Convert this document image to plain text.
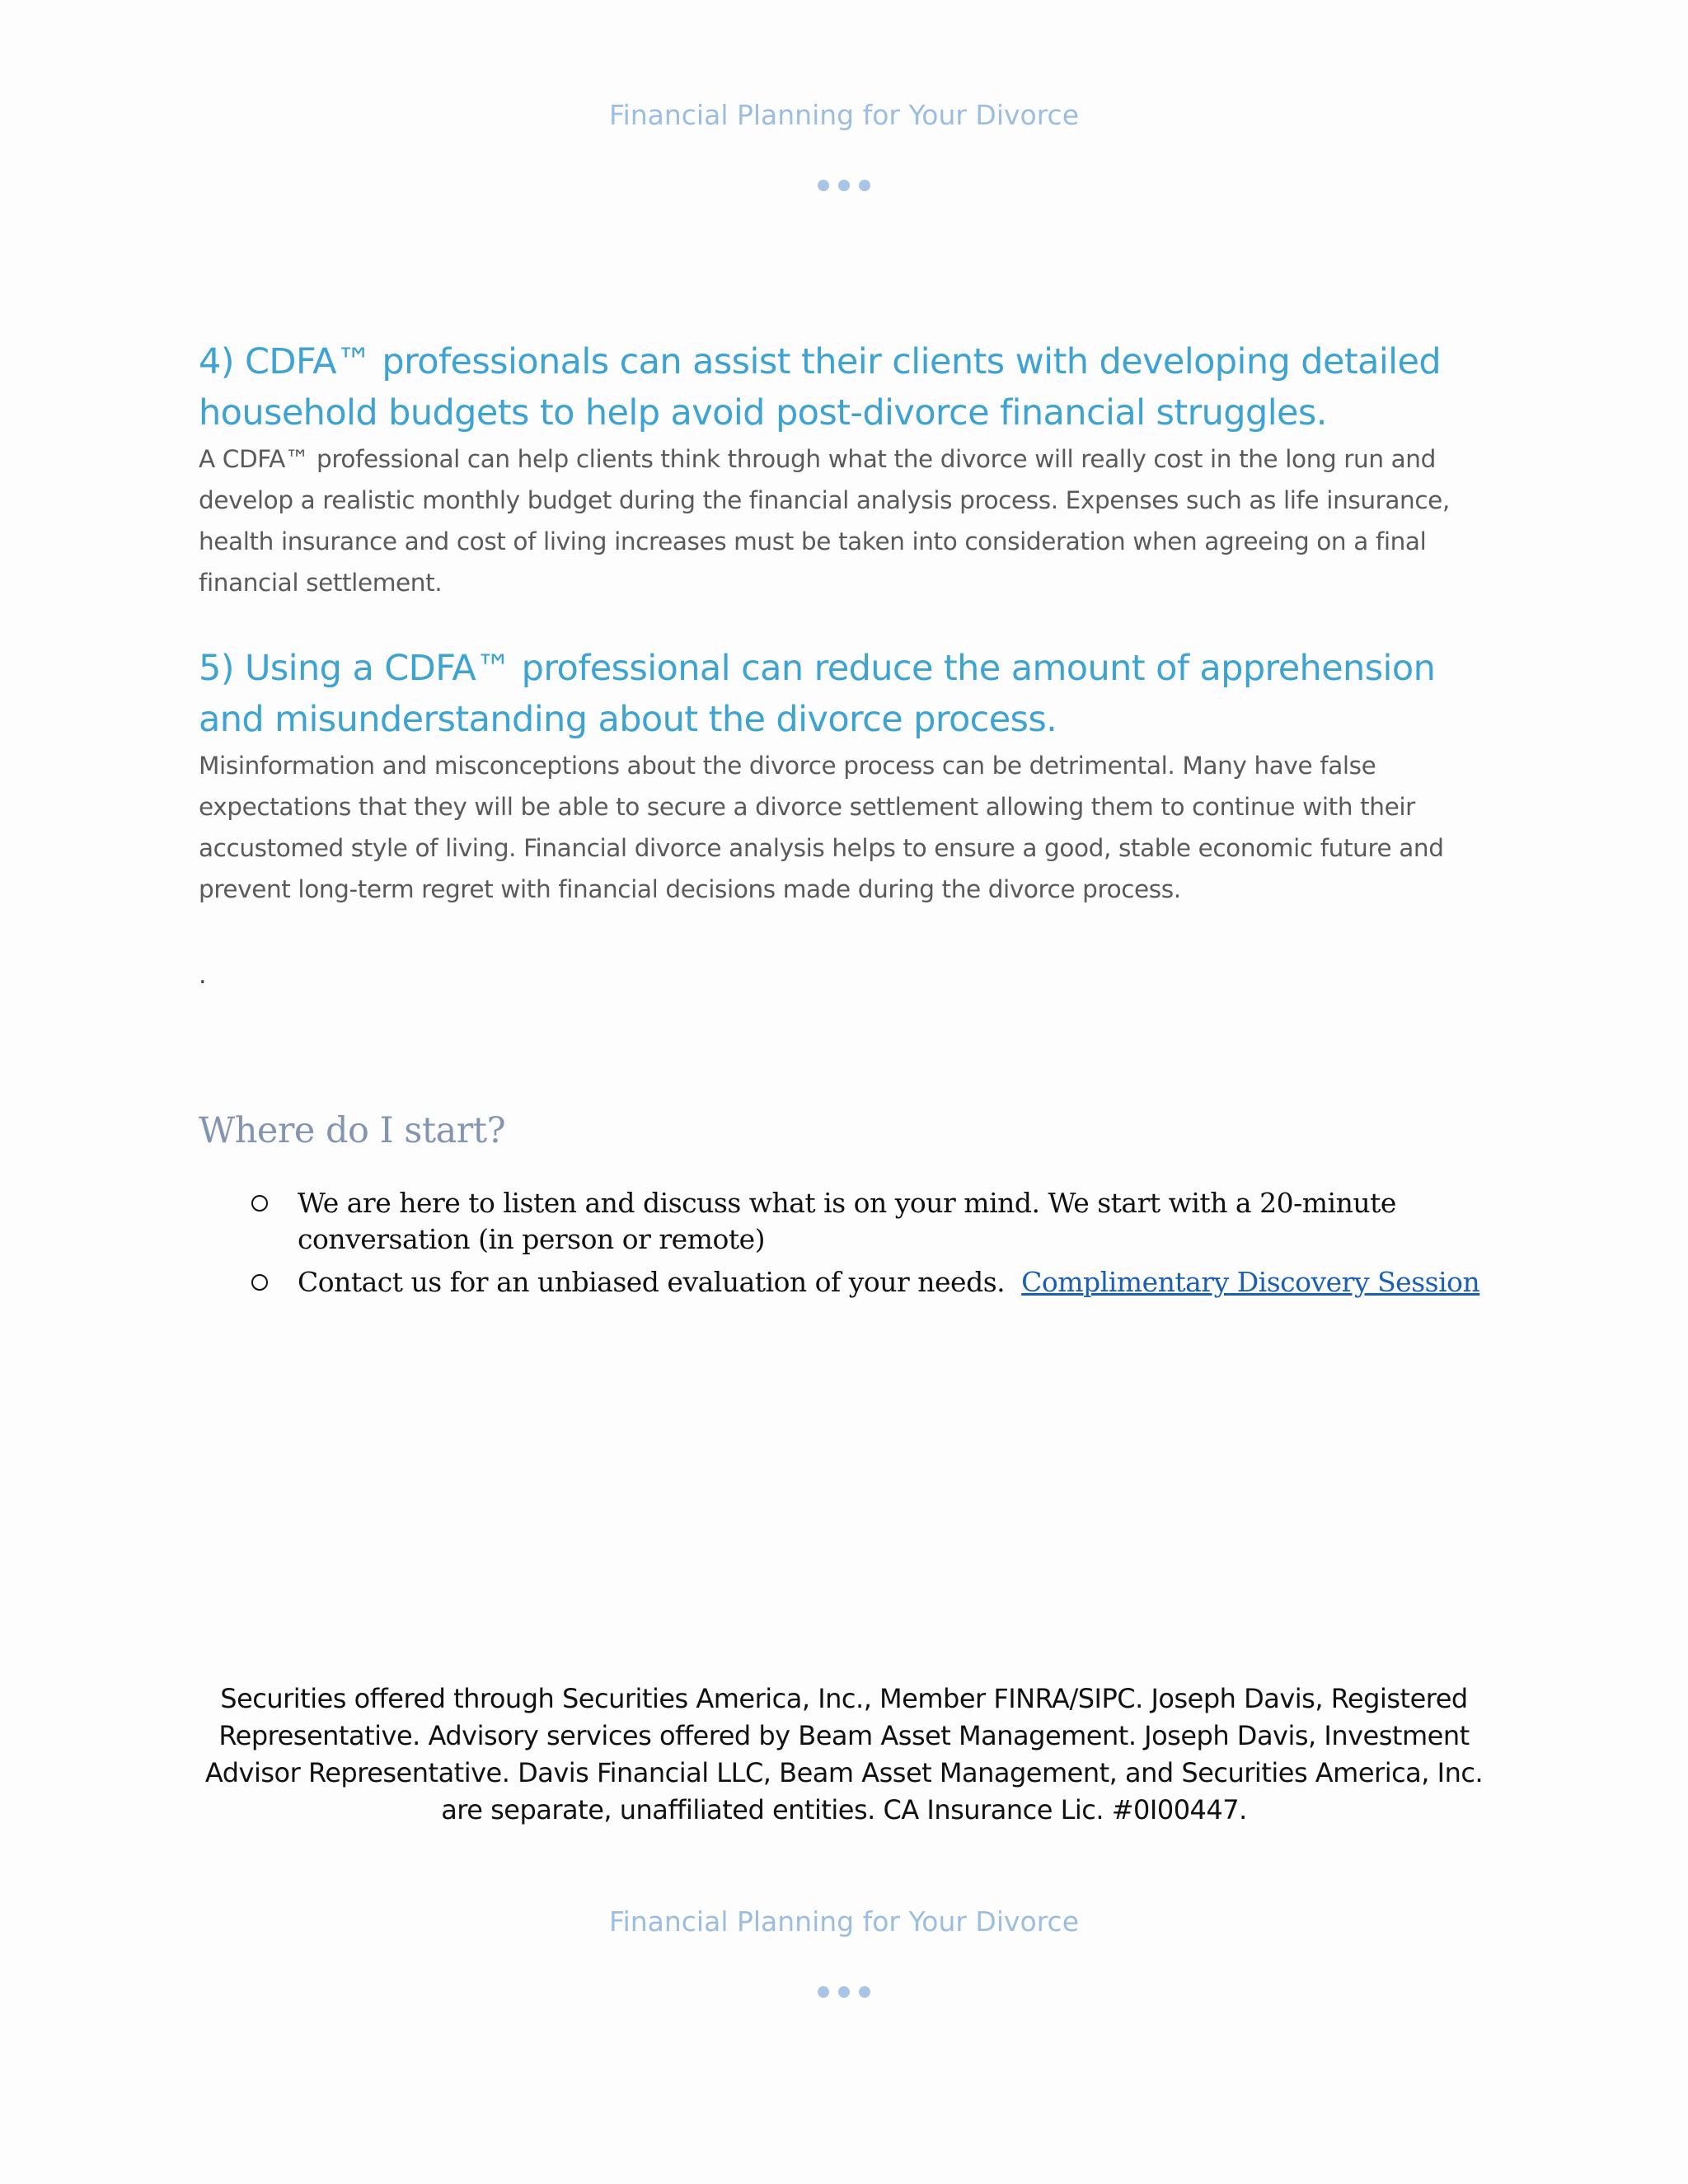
Financial Planning for Your Divorce
4) CDFA™ professionals can assist their clients with developing detailed household budgets to help avoid post-divorce financial struggles.

A CDFA™ professional can help clients think through what the divorce will really cost in the long run and develop a realistic monthly budget during the financial analysis process. Expenses such as life insurance, health insurance and cost of living increases must be taken into consideration when agreeing on a final financial settlement.

5) Using a CDFA™ professional can reduce the amount of apprehension and misunderstanding about the divorce process.

Misinformation and misconceptions about the divorce process can be detrimental. Many have false expectations that they will be able to secure a divorce settlement allowing them to continue with their accustomed style of living. Financial divorce analysis helps to ensure a good, stable economic future and prevent long-term regret with financial decisions made during the divorce process.

.
Where do I start?
We are here to listen and discuss what is on your mind. We start with a 20-minute conversation (in person or remote)
Contact us for an unbiased evaluation of your needs. Complimentary Discovery Session
Securities offered through Securities America, Inc., Member FINRA/SIPC. Joseph Davis, Registered Representative. Advisory services offered by Beam Asset Management. Joseph Davis, Investment Advisor Representative. Davis Financial LLC, Beam Asset Management, and Securities America, Inc. are separate, unaffiliated entities. CA Insurance Lic. #0I00447.
Financial Planning for Your Divorce
